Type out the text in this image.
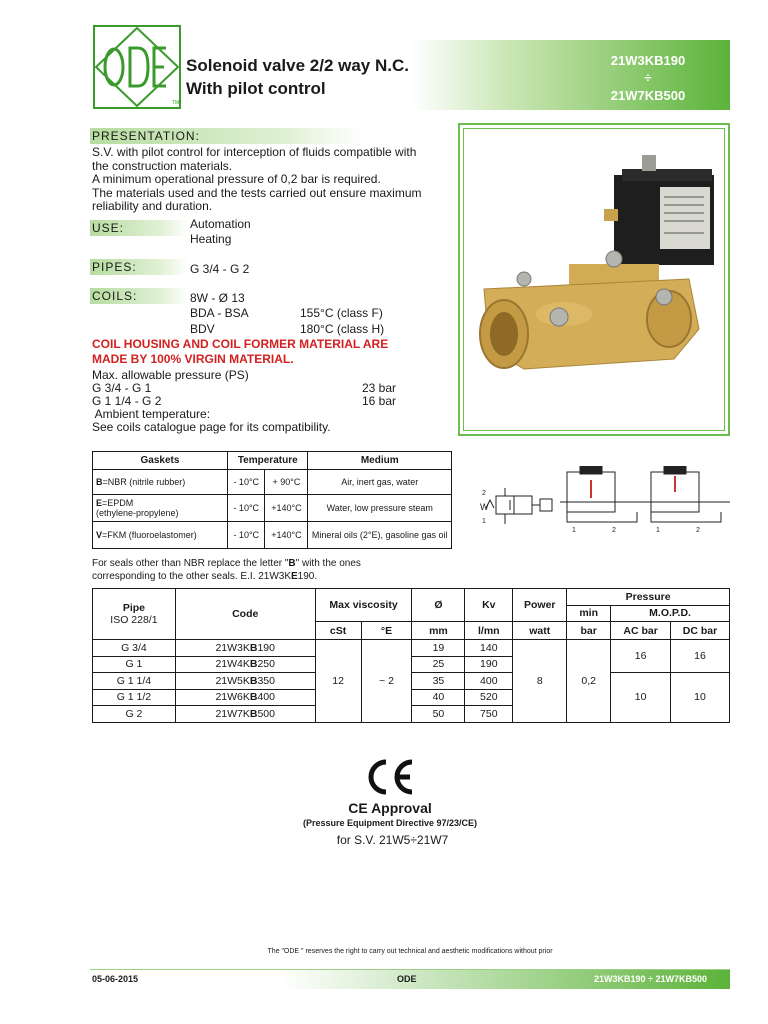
TM
Solenoid valve 2/2 way N.C.
With pilot control
21W3KB190
÷
21W7KB500
PRESENTATION:
S.V. with pilot control for interception of fluids compatible with
the construction materials.
A minimum operational pressure of 0,2 bar is required.
The materials used and the tests carried out ensure maximum
reliability and duration.
USE:	Automation
Heating
PIPES:	G 3/4 - G 2
COILS:	8W - Ø 13
BDA - BSA	155°C (class F)
BDV	180°C (class H)
COIL HOUSING AND COIL FORMER MATERIAL ARE
MADE BY 100% VIRGIN MATERIAL.
Max. allowable pressure (PS)
G 3/4 - G 1	23 bar
G 1 1/4 - G 2	16 bar
Ambient temperature:
See coils catalogue page for its compatibility.
Gaskets	Temperature		Medium
B=NBR (nitrile rubber)	- 10°C	+ 90°C	Air, inert gas, water
E=EPDM
(ethylene-propylene)	- 10°C	+140°C	Water, low pressure steam
V=FKM (fluoroelastomer)	- 10°C	+140°C	Mineral oils (2°E), gasoline gas oil
W
2
1
1	2	1	2
For seals other than NBR replace the letter "B" with the ones
corresponding to the other seals. E.I. 21W3KE190.
Pipe
ISO 228/1	Code	Max viscosity		Ø	Kv	Power	Pressure		
							min	M.O.P.D.	
		cSt	°E	mm	l/mn	watt	bar	AC bar	DC bar
G 3/4	21W3KB190	12	~ 2	19	140	8	0,2	16	16
G 1	21W4KB250			25	190				
G 1 1/4	21W5KB350			35	400			10	10
G 1 1/2	21W6KB400			40	520				
G 2	21W7KB500			50	750				
CE Approval
(Pressure Equipment Directive 97/23/CE)
for S.V. 21W5÷21W7
The "ODE " reserves the right to carry out technical and aesthetic modifications without prior
05-06-2015	ODE	21W3KB190 ÷ 21W7KB500
